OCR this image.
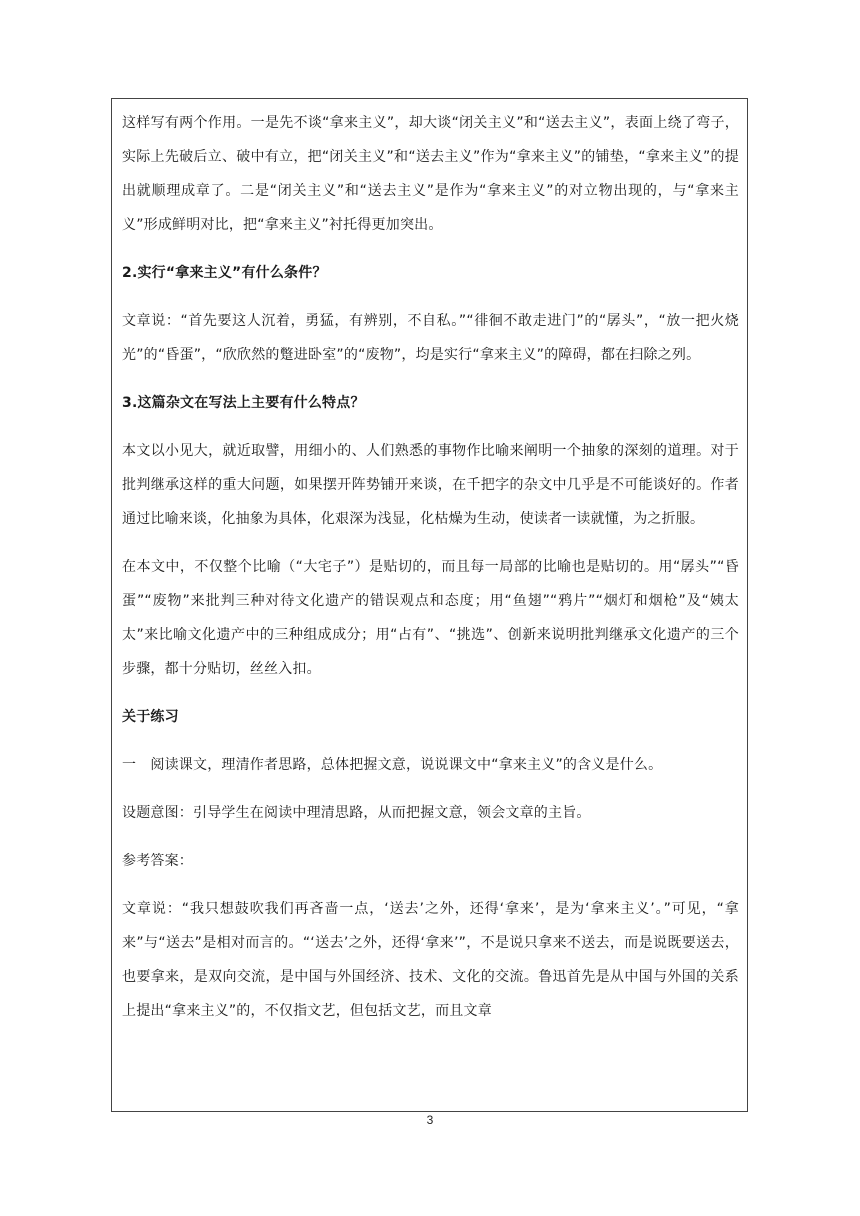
这样写有两个作用。一是先不谈“拿来主义”，却大谈“闭关主义”和“送去主义”，表面上绕了弯子，实际上先破后立、破中有立，把“闭关主义”和“送去主义”作为“拿来主义”的铺垫，“拿来主义”的提出就顺理成章了。二是“闭关主义”和“送去主义”是作为“拿来主义”的对立物出现的，与“拿来主义”形成鲜明对比，把“拿来主义”衬托得更加突出。

2.实行“拿来主义”有什么条件？

文章说：“首先要这人沉着，勇猛，有辨别，不自私。”“徘徊不敢走进门”的“孱头”，“放一把火烧光”的“昏蛋”，“欣欣然的蹩进卧室”的“废物”，均是实行“拿来主义”的障碍，都在扫除之列。

3.这篇杂文在写法上主要有什么特点？

本文以小见大，就近取譬，用细小的、人们熟悉的事物作比喻来阐明一个抽象的深刻的道理。对于批判继承这样的重大问题，如果摆开阵势铺开来谈，在千把字的杂文中几乎是不可能谈好的。作者通过比喻来谈，化抽象为具体，化艰深为浅显，化枯燥为生动，使读者一读就懂，为之折服。

在本文中，不仅整个比喻（“大宅子”）是贴切的，而且每一局部的比喻也是贴切的。用“孱头”“昏蛋”“废物”来批判三种对待文化遗产的错误观点和态度；用“鱼翅”“鸦片”“烟灯和烟枪”及“姨太太”来比喻文化遗产中的三种组成成分；用“占有”、“挑选”、创新来说明批判继承文化遗产的三个步骤，都十分贴切，丝丝入扣。

关于练习

一　阅读课文，理清作者思路，总体把握文意，说说课文中“拿来主义”的含义是什么。

设题意图：引导学生在阅读中理清思路，从而把握文意，领会文章的主旨。

参考答案：

文章说：“我只想鼓吹我们再吝啬一点，‘送去’之外，还得‘拿来’，是为‘拿来主义’。”可见，“拿来”与“送去”是相对而言的。“‘送去’之外，还得‘拿来’”，不是说只拿来不送去，而是说既要送去，也要拿来，是双向交流，是中国与外国经济、技术、文化的交流。鲁迅首先是从中国与外国的关系上提出“拿来主义”的，不仅指文艺，但包括文艺，而且文章

3
